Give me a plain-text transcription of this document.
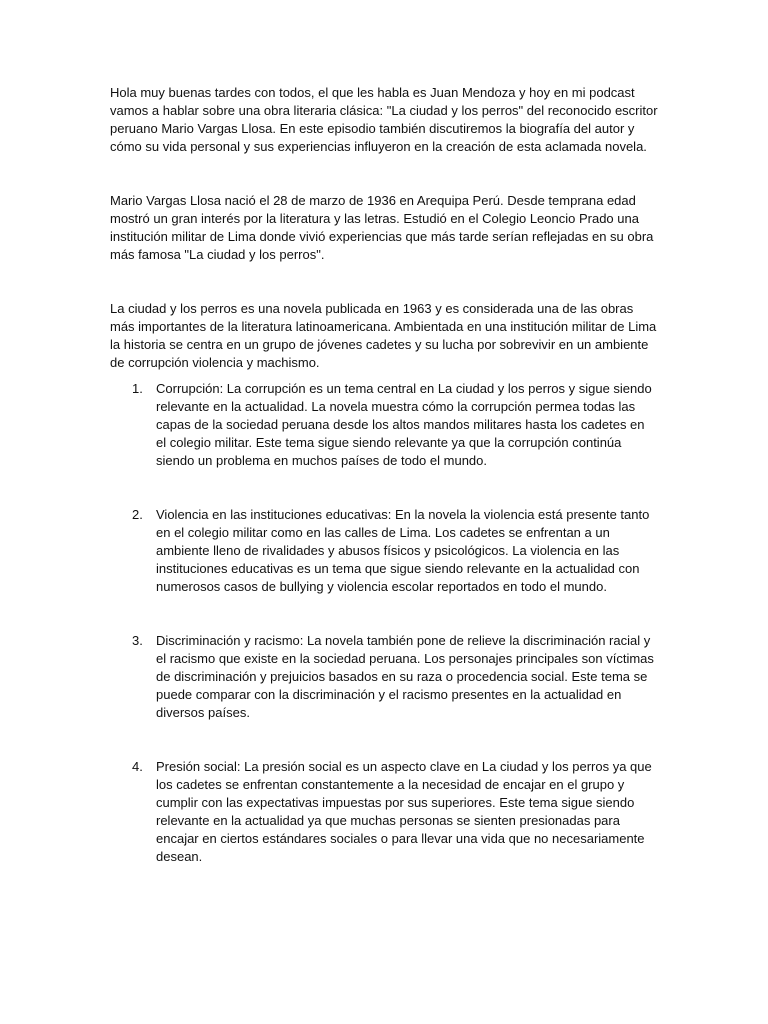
Hola muy buenas tardes con todos, el que les habla es Juan Mendoza y hoy en mi podcast vamos a hablar sobre una obra literaria clásica: "La ciudad y los perros" del reconocido escritor peruano Mario Vargas Llosa. En este episodio también discutiremos la biografía del autor y cómo su vida personal y sus experiencias influyeron en la creación de esta aclamada novela.

Mario Vargas Llosa nació el 28 de marzo de 1936 en Arequipa Perú. Desde temprana edad mostró un gran interés por la literatura y las letras. Estudió en el Colegio Leoncio Prado una institución militar de Lima donde vivió experiencias que más tarde serían reflejadas en su obra más famosa "La ciudad y los perros".

La ciudad y los perros es una novela publicada en 1963 y es considerada una de las obras más importantes de la literatura latinoamericana. Ambientada en una institución militar de Lima la historia se centra en un grupo de jóvenes cadetes y su lucha por sobrevivir en un ambiente de corrupción violencia y machismo.

1.	Corrupción: La corrupción es un tema central en La ciudad y los perros y sigue siendo relevante en la actualidad. La novela muestra cómo la corrupción permea todas las capas de la sociedad peruana desde los altos mandos militares hasta los cadetes en el colegio militar. Este tema sigue siendo relevante ya que la corrupción continúa siendo un problema en muchos países de todo el mundo.
2.	Violencia en las instituciones educativas: En la novela la violencia está presente tanto en el colegio militar como en las calles de Lima. Los cadetes se enfrentan a un ambiente lleno de rivalidades y abusos físicos y psicológicos. La violencia en las instituciones educativas es un tema que sigue siendo relevante en la actualidad con numerosos casos de bullying y violencia escolar reportados en todo el mundo.
3.	Discriminación y racismo: La novela también pone de relieve la discriminación racial y el racismo que existe en la sociedad peruana. Los personajes principales son víctimas de discriminación y prejuicios basados en su raza o procedencia social. Este tema se puede comparar con la discriminación y el racismo presentes en la actualidad en diversos países.
4.	Presión social: La presión social es un aspecto clave en La ciudad y los perros ya que los cadetes se enfrentan constantemente a la necesidad de encajar en el grupo y cumplir con las expectativas impuestas por sus superiores. Este tema sigue siendo relevante en la actualidad ya que muchas personas se sienten presionadas para encajar en ciertos estándares sociales o para llevar una vida que no necesariamente desean.
